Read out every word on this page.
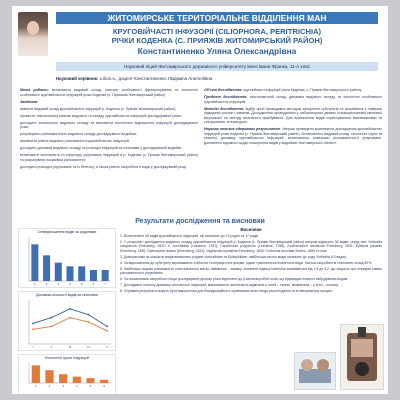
ЖИТОМИРСЬКЕ ТЕРИТОРІАЛЬНЕ ВІДДІЛЕННЯ МАН
КРУГОВІЙЧАСТІ ІНФУЗОРІЇ (CILIOPHORA, PERITRICHIA)
РІЧКИ КОДЕНКА (С. ПРИЯЖІВ ЖИТОМИРСЬКИЙ РАЙОН)
Константиненко Уляна Олександрівна
Науковий ліцей Житомирського державного університету імені Івана Франка, 11-А клас
Науковий керівник: к.біол.н., доцент Константиненко Людмила Анатоліївна

Мета роботи: встановити видовий склад, описати особливості функціонування та екологічні особливості круговійчастих інфузорій річки Коденка (с. Приязжів Житомирський район).

Завдання:

вивчити видовий склад круговійчастих інфузорій р. Коденка (с. Пряжів Житомирський район);

провести таксономічну ревізію видового та складу круговійчастих інфузорій досліджуваної річки;

дослідити зональність видового складу та визначити екологічне відношення інфузорій досліджуваної річки;

розрахувати різноманітність видового складу досліджуваної водойми;

визначити рівень видового різноманіття круговійчастих інфузорій;

дослідити динаміку видового складу та розподіл інфузорій за сезонами у досліджуваній водоймі;

встановити чисельність та структуру угруповань інфузорій в р. Коденка (с. Пряжів Житомирський район) та розрахувати показники різноманіття;

дослідити розподіл угруповань та їх бентосу, а також рівень сапробності води у досліджуваній річці.

Об’єкт дослідження: круговійчасті інфузорії річки Коденка, с. Пряжів Житомирського району.

Предмет дослідження: таксономічний склад, динаміка видового складу та екологічні особливості круговійчастих інфузорій.

Методи дослідження: відбір проб проводився методом занурення субстратів та зіскрібання з поверхні підводних рослин і каменів. Дослідження проводилися у лабораторних умовах із використанням світлової мікроскопії та методу вітального фарбування. Для визначення видів користувалися визначниками та спеціальною літературою.

Наукова новизна одержаних результатів. Уперше проведено комплексне дослідження круговійчастих інфузорій річки Коденка (с. Пряжів Житомирський район). Встановлено видовий склад, екологічні групи та сезонну динаміку круговійчастих інфузорій; встановлено показники різноманітності угруповань; доповнено відомості щодо поширення видів у водоймах Житомирської області.

Результати дослідження та висновки
Співвідношення видів за родинами
1	2	3	4	5	6	7
Динаміка кількості видів за сезонами
І	ІІ	ІІІ	IV	V
Екологічні групи інфузорій
1	2	3	4	5	6
Висновки

1. Встановлено 36 видів круговійчастих інфузорій, які належать до 13 родин та 17 родів.

2. У результаті дослідження видового складу круговійчастих інфузорій р. Коденка (с. Пряжів Житомирський район) вперше відмічено 36 видів, серед них: Vorticella campanula Ehrenberg, 1831; V. convallaria (Linnaeus, 1767); Carchesium polypinum (Linnaeus, 1758); Zoothamnium arbuscula Ehrenberg, 1831; Epistylis plicatilis Ehrenberg, 1830; Opercularia nutans (Ehrenberg, 1831); Vaginicola crystallina Ehrenberg, 1830; Cothurnia annulata Stokes, 1885 та інші.

3. Домінуючими за кількістю видів виявилися родини Vorticellidae та Epistylididae; найбільша частка видів належить до роду Vorticella (10 видів).

4. За відношенням до субстрату переважають епібіонти та перифітонні форми, рідше трапляються планктонні види. Частка сапробіонтів становить понад 60%.

5. Найбільше видове різноманіття спостерігалося влітку, найменше – взимку; значення індексу Шеннона коливаються від 1,8 до 3,2, що свідчить про середній рівень різноманітності угруповань.

6. За показниками сапробності води досліджувану ділянку річки віднесено до β-мезосапробної зони, що відповідає помірно забрудненим водам.

7. Досліджено сезонну динаміку чисельності інфузорій: максимальна чисельність відмічена у липні – серпні, мінімальна – у січні – лютому.

8. Отримані результати можуть бути використані для біоіндикаційного оцінювання якості води річки Коденка та в навчальному процесі.
